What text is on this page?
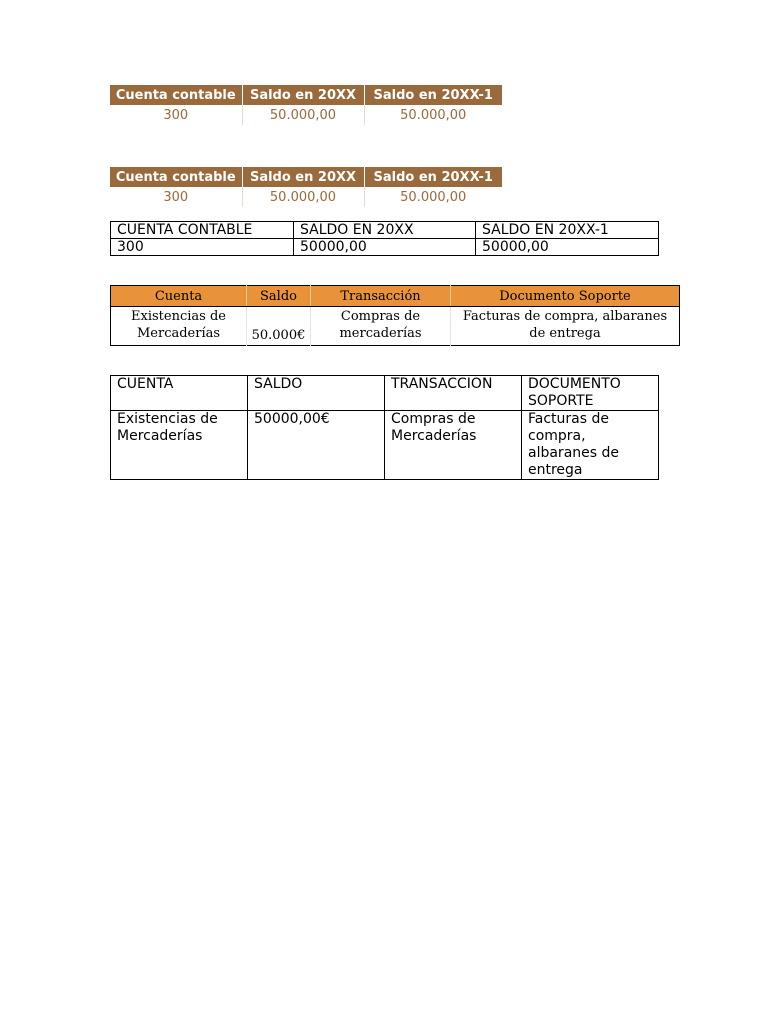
Cuenta contable	Saldo en 20XX	Saldo en 20XX-1
300	50.000,00	50.000,00
Cuenta contable	Saldo en 20XX	Saldo en 20XX-1
300	50.000,00	50.000,00
CUENTA CONTABLE	SALDO EN 20XX	SALDO EN 20XX-1
300	50000,00	50000,00
Cuenta	Saldo	Transacción	Documento Soporte
Existencias de Mercaderías	50.000€	Compras de mercaderías	Facturas de compra, albaranes de entrega
CUENTA	SALDO	TRANSACCION	DOCUMENTO SOPORTE
Existencias de Mercaderías	50000,00€	Compras de Mercaderías	Facturas de compra, albaranes de entrega
